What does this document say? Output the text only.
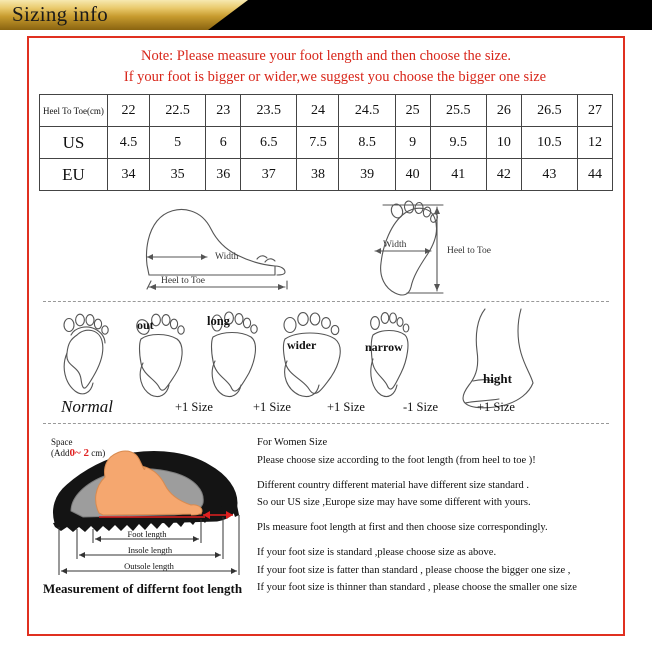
Sizing info
Note: Please measure your foot length and then choose the size.
If your foot is bigger or wider,we suggest you choose the bigger one size
Heel To Toe(cm)	22	22.5	23	23.5	24	24.5	25	25.5	26	26.5	27
US	4.5	5	6	6.5	7.5	8.5	9	9.5	10	10.5	12
EU	34	35	36	37	38	39	40	41	42	43	44
Width
Heel to Toe
Width
Heel to Toe
out	long
wider	narrow
hight
Normal	+1 Size	+1 Size	+1 Size	-1 Size	+1 Size
Foot length
Insole length
Outsole length
Space
(Add0~ 2 cm)

For Women Size

Please choose size according to the foot length (from heel to toe )!

Different country different material have different size standard .

So our US size ,Europe size may have some different with yours.

Pls measure foot length at first and then choose size correspondingly.

If your foot size is standard ,please choose size as above.

If your foot size is fatter than standard , please choose the bigger one size ,

If your foot size is thinner than standard , please choose the smaller one size

Measurement of differnt foot length
